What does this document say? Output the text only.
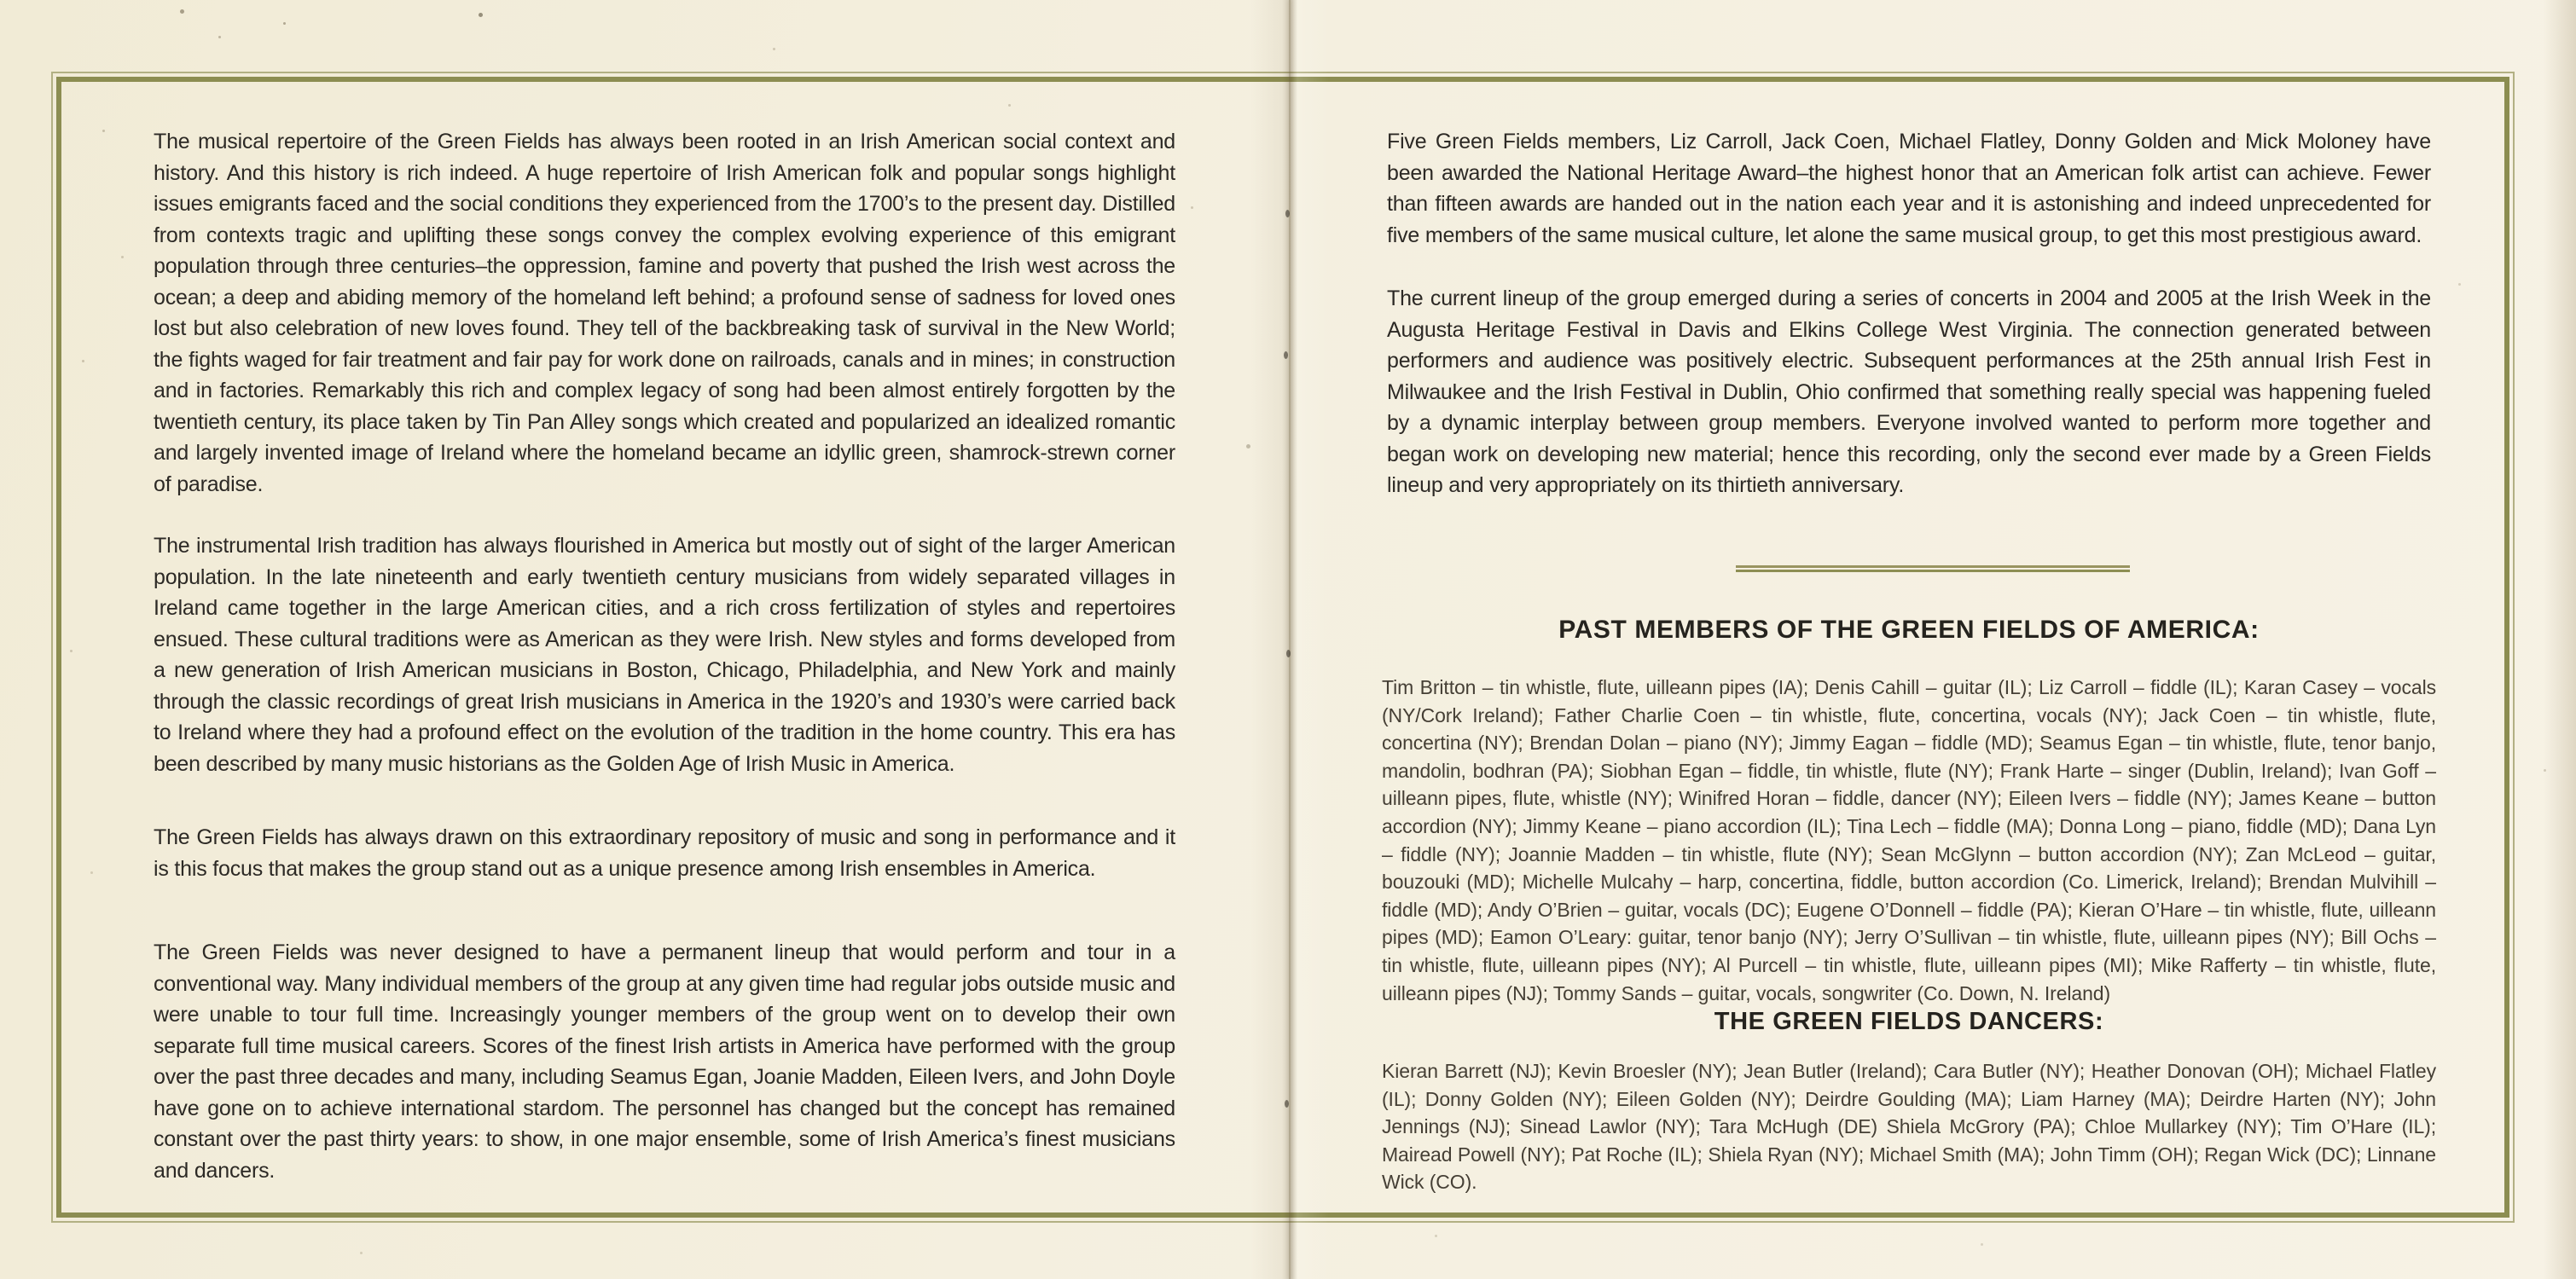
The musical repertoire of the Green Fields has always been rooted in an Irish American social context and history. And this history is rich indeed. A huge repertoire of Irish American folk and popular songs highlight issues emigrants faced and the social conditions they experienced from the 1700’s to the present day. Distilled from contexts tragic and uplifting these songs convey the complex evolving experience of this emigrant population through three centuries–the oppression, famine and poverty that pushed the Irish west across the ocean; a deep and abiding memory of the homeland left behind; a profound sense of sadness for loved ones lost but also celebration of new loves found. They tell of the backbreaking task of survival in the New World; the fights waged for fair treatment and fair pay for work done on railroads, canals and in mines; in construction and in factories. Remarkably this rich and complex legacy of song had been almost entirely forgotten by the twentieth century, its place taken by Tin Pan Alley songs which created and popularized an idealized romantic and largely invented image of Ireland where the homeland became an idyllic green, shamrock-strewn corner of paradise.

The instrumental Irish tradition has always flourished in America but mostly out of sight of the larger American population. In the late nineteenth and early twentieth century musicians from widely separated villages in Ireland came together in the large American cities, and a rich cross fertilization of styles and repertoires ensued. These cultural traditions were as American as they were Irish. New styles and forms developed from a new generation of Irish American musicians in Boston, Chicago, Philadelphia, and New York and mainly through the classic recordings of great Irish musicians in America in the 1920’s and 1930’s were carried back to Ireland where they had a profound effect on the evolution of the tradition in the home country. This era has been described by many music historians as the Golden Age of Irish Music in America.

The Green Fields has always drawn on this extraordinary repository of music and song in performance and it is this focus that makes the group stand out as a unique presence among Irish ensembles in America.

The Green Fields was never designed to have a permanent lineup that would perform and tour in a conventional way. Many individual members of the group at any given time had regular jobs outside music and were unable to tour full time. Increasingly younger members of the group went on to develop their own separate full time musical careers. Scores of the finest Irish artists in America have performed with the group over the past three decades and many, including Seamus Egan, Joanie Madden, Eileen Ivers, and John Doyle have gone on to achieve international stardom. The personnel has changed but the concept has remained constant over the past thirty years: to show, in one major ensemble, some of Irish America’s finest musicians and dancers.

Five Green Fields members, Liz Carroll, Jack Coen, Michael Flatley, Donny Golden and Mick Moloney have been awarded the National Heritage Award–the highest honor that an American folk artist can achieve. Fewer than fifteen awards are handed out in the nation each year and it is astonishing and indeed unprecedented for five members of the same musical culture, let alone the same musical group, to get this most prestigious award.

The current lineup of the group emerged during a series of concerts in 2004 and 2005 at the Irish Week in the Augusta Heritage Festival in Davis and Elkins College West Virginia. The connection generated between performers and audience was positively electric. Subsequent performances at the 25th annual Irish Fest in Milwaukee and the Irish Festival in Dublin, Ohio confirmed that something really special was happening fueled by a dynamic interplay between group members. Everyone involved wanted to perform more together and began work on developing new material; hence this recording, only the second ever made by a Green Fields lineup and very appropriately on its thirtieth anniversary.

PAST MEMBERS OF THE GREEN FIELDS OF AMERICA:
Tim Britton – tin whistle, flute, uilleann pipes (IA); Denis Cahill – guitar (IL); Liz Carroll – fiddle (IL); Karan Casey – vocals (NY/Cork Ireland); Father Charlie Coen – tin whistle, flute, concertina, vocals (NY); Jack Coen – tin whistle, flute, concertina (NY); Brendan Dolan – piano (NY); Jimmy Eagan – fiddle (MD); Seamus Egan – tin whistle, flute, tenor banjo, mandolin, bodhran (PA); Siobhan Egan – fiddle, tin whistle, flute (NY); Frank Harte – singer (Dublin, Ireland); Ivan Goff – uilleann pipes, flute, whistle (NY); Winifred Horan – fiddle, dancer (NY); Eileen Ivers – fiddle (NY); James Keane – button accordion (NY); Jimmy Keane – piano accordion (IL); Tina Lech – fiddle (MA); Donna Long – piano, fiddle (MD); Dana Lyn – fiddle (NY); Joannie Madden – tin whistle, flute (NY); Sean McGlynn – button accordion (NY); Zan McLeod – guitar, bouzouki (MD); Michelle Mulcahy – harp, concertina, fiddle, button accordion (Co. Limerick, Ireland); Brendan Mulvihill – fiddle (MD); Andy O’Brien – guitar, vocals (DC); Eugene O’Donnell – fiddle (PA); Kieran O’Hare – tin whistle, flute, uilleann pipes (MD); Eamon O’Leary: guitar, tenor banjo (NY); Jerry O’Sullivan – tin whistle, flute, uilleann pipes (NY); Bill Ochs – tin whistle, flute, uilleann pipes (NY); Al Purcell – tin whistle, flute, uilleann pipes (MI); Mike Rafferty – tin whistle, flute, uilleann pipes (NJ); Tommy Sands – guitar, vocals, songwriter (Co. Down, N. Ireland)
THE GREEN FIELDS DANCERS:
Kieran Barrett (NJ); Kevin Broesler (NY); Jean Butler (Ireland); Cara Butler (NY); Heather Donovan (OH); Michael Flatley (IL); Donny Golden (NY); Eileen Golden (NY); Deirdre Goulding (MA); Liam Harney (MA); Deirdre Harten (NY); John Jennings (NJ); Sinead Lawlor (NY); Tara McHugh (DE) Shiela McGrory (PA); Chloe Mullarkey (NY); Tim O’Hare (IL); Mairead Powell (NY); Pat Roche (IL); Shiela Ryan (NY); Michael Smith (MA); John Timm (OH); Regan Wick (DC); Linnane Wick (CO).
